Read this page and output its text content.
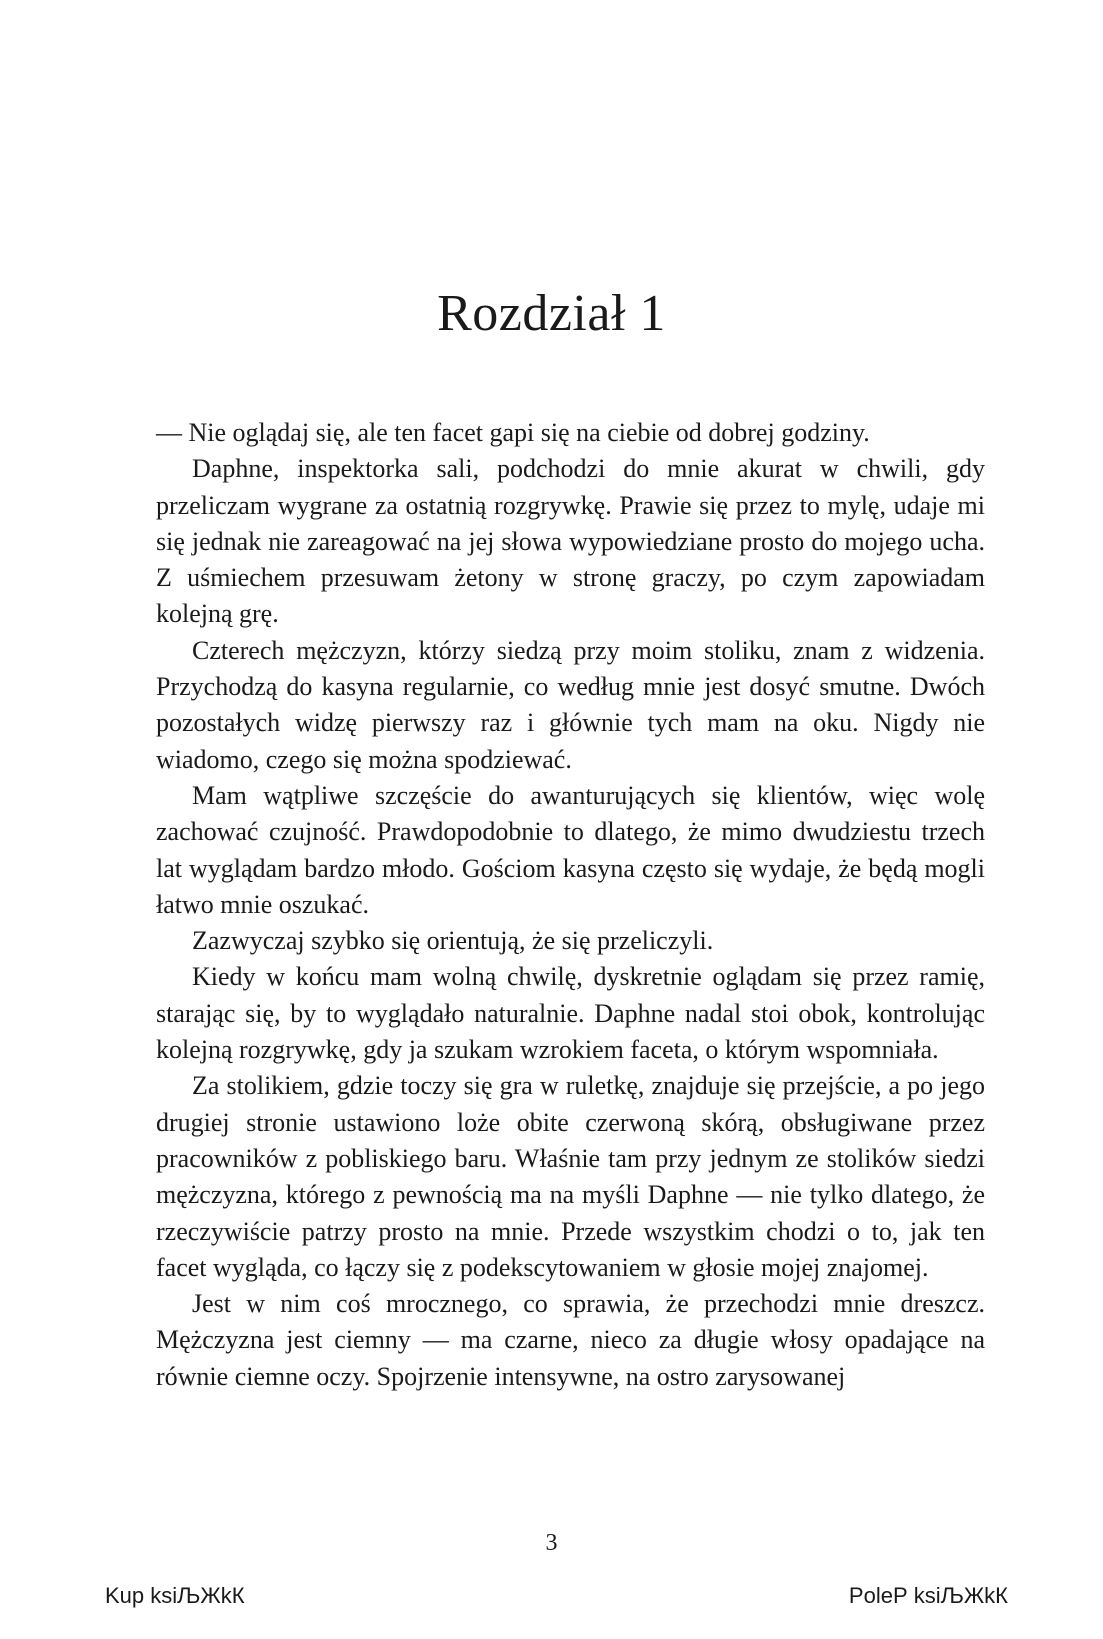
Rozdział 1

— Nie oglądaj się, ale ten facet gapi się na ciebie od dobrej godziny.

Daphne, inspektorka sali, podchodzi do mnie akurat w chwili, gdy przeliczam wygrane za ostatnią rozgrywkę. Prawie się przez to mylę, udaje mi się jednak nie zareagować na jej słowa wypowiedziane prosto do mojego ucha. Z uśmiechem przesuwam żetony w stronę graczy, po czym zapowiadam kolejną grę.

Czterech mężczyzn, którzy siedzą przy moim stoliku, znam z widzenia. Przychodzą do kasyna regularnie, co według mnie jest dosyć smutne. Dwóch pozostałych widzę pierwszy raz i głównie tych mam na oku. Nigdy nie wiadomo, czego się można spodziewać.

Mam wątpliwe szczęście do awanturujących się klientów, więc wolę zachować czujność. Prawdopodobnie to dlatego, że mimo dwudziestu trzech lat wyglądam bardzo młodo. Gościom kasyna często się wydaje, że będą mogli łatwo mnie oszukać.

Zazwyczaj szybko się orientują, że się przeliczyli.

Kiedy w końcu mam wolną chwilę, dyskretnie oglądam się przez ramię, starając się, by to wyglądało naturalnie. Daphne nadal stoi obok, kontrolując kolejną rozgrywkę, gdy ja szukam wzrokiem faceta, o którym wspomniała.

Za stolikiem, gdzie toczy się gra w ruletkę, znajduje się przejście, a po jego drugiej stronie ustawiono loże obite czerwoną skórą, obsługiwane przez pracowników z pobliskiego baru. Właśnie tam przy jednym ze stolików siedzi mężczyzna, którego z pewnością ma na myśli Daphne — nie tylko dlatego, że rzeczywiście patrzy prosto na mnie. Przede wszystkim chodzi o to, jak ten facet wygląda, co łączy się z podekscytowaniem w głosie mojej znajomej.

Jest w nim coś mrocznego, co sprawia, że przechodzi mnie dreszcz. Mężczyzna jest ciemny — ma czarne, nieco za długie włosy opadające na równie ciemne oczy. Spojrzenie intensywne, na ostro zarysowanej

3
Kup ksiЉЖkК	PoleР ksiЉЖkК
